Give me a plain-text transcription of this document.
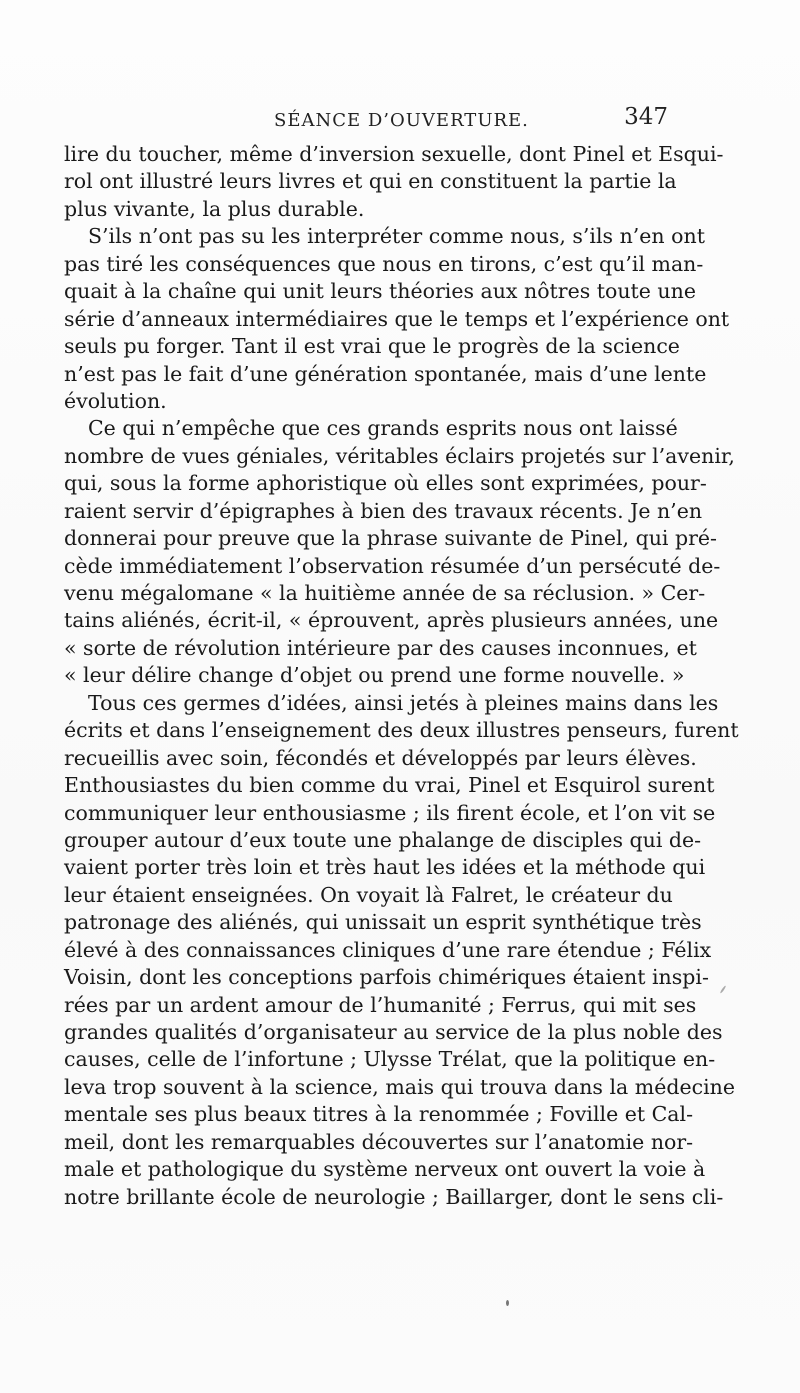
SÉANCE D’OUVERTURE.	347
lire du toucher, même d’inversion sexuelle, dont Pinel et Esqui-
rol ont illustré leurs livres et qui en constituent la partie la
plus vivante, la plus durable.
S’ils n’ont pas su les interpréter comme nous, s’ils n’en ont
pas tiré les conséquences que nous en tirons, c’est qu’il man-
quait à la chaîne qui unit leurs théories aux nôtres toute une
série d’anneaux intermédiaires que le temps et l’expérience ont
seuls pu forger. Tant il est vrai que le progrès de la science
n’est pas le fait d’une génération spontanée, mais d’une lente
évolution.
Ce qui n’empêche que ces grands esprits nous ont laissé
nombre de vues géniales, véritables éclairs projetés sur l’avenir,
qui, sous la forme aphoristique où elles sont exprimées, pour-
raient servir d’épigraphes à bien des travaux récents. Je n’en
donnerai pour preuve que la phrase suivante de Pinel, qui pré-
cède immédiatement l’observation résumée d’un persécuté de-
venu mégalomane « la huitième année de sa réclusion. » Cer-
tains aliénés, écrit-il, « éprouvent, après plusieurs années, une
« sorte de révolution intérieure par des causes inconnues, et
« leur délire change d’objet ou prend une forme nouvelle. »
Tous ces germes d’idées, ainsi jetés à pleines mains dans les
écrits et dans l’enseignement des deux illustres penseurs, furent
recueillis avec soin, fécondés et développés par leurs élèves.
Enthousiastes du bien comme du vrai, Pinel et Esquirol surent
communiquer leur enthousiasme ; ils firent école, et l’on vit se
grouper autour d’eux toute une phalange de disciples qui de-
vaient porter très loin et très haut les idées et la méthode qui
leur étaient enseignées. On voyait là Falret, le créateur du
patronage des aliénés, qui unissait un esprit synthétique très
élevé à des connaissances cliniques d’une rare étendue ; Félix
Voisin, dont les conceptions parfois chimériques étaient inspi-
rées par un ardent amour de l’humanité ; Ferrus, qui mit ses
grandes qualités d’organisateur au service de la plus noble des
causes, celle de l’infortune ; Ulysse Trélat, que la politique en-
leva trop souvent à la science, mais qui trouva dans la médecine
mentale ses plus beaux titres à la renommée ; Foville et Cal-
meil, dont les remarquables découvertes sur l’anatomie nor-
male et pathologique du système nerveux ont ouvert la voie à
notre brillante école de neurologie ; Baillarger, dont le sens cli-
